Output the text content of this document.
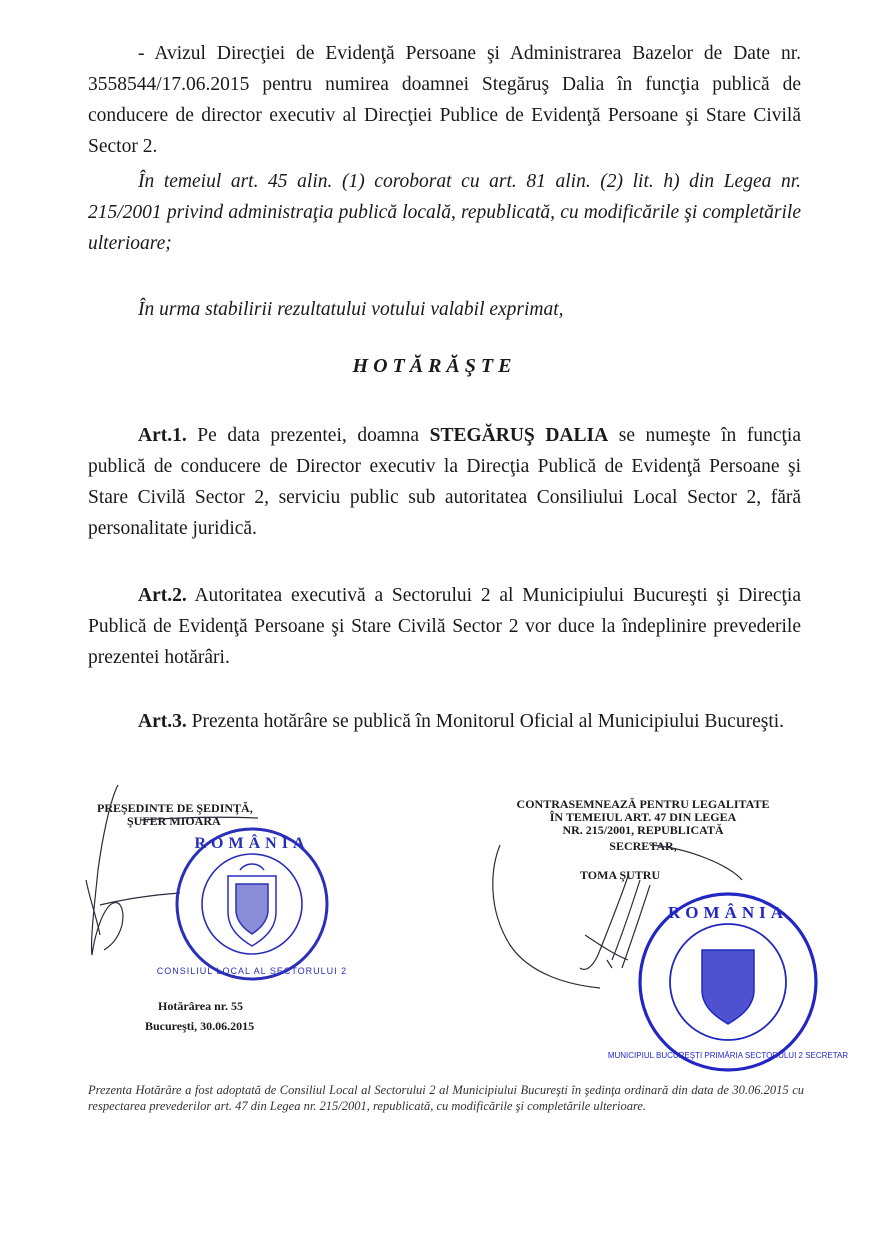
- Avizul Direcţiei de Evidenţă Persoane şi Administrarea Bazelor de Date nr. 3558544/17.06.2015 pentru numirea doamnei Stegăruş Dalia în funcţia publică de conducere de director executiv al Direcţiei Publice de Evidenţă Persoane şi Stare Civilă Sector 2.

În temeiul art. 45 alin. (1) coroborat cu art. 81 alin. (2) lit. h) din Legea nr. 215/2001 privind administraţia publică locală, republicată, cu modificările şi completările ulterioare;

În urma stabilirii rezultatului votului valabil exprimat,

HOTĂRĂŞTE

Art.1. Pe data prezentei, doamna STEGĂRUŞ DALIA se numeşte în funcţia publică de conducere de Director executiv la Direcţia Publică de Evidenţă Persoane şi Stare Civilă Sector 2, serviciu public sub autoritatea Consiliului Local Sector 2, fără personalitate juridică.

Art.2. Autoritatea executivă a Sectorului 2 al Municipiului Bucureşti şi Direcţia Publică de Evidenţă Persoane şi Stare Civilă Sector 2 vor duce la îndeplinire prevederile prezentei hotărâri.

Art.3. Prezenta hotărâre se publică în Monitorul Oficial al Municipiului Bucureşti.

PREŞEDINTE DE ŞEDINŢĂ,
ŞUFER MIOARA
Hotărârea nr. 55
Bucureşti, 30.06.2015
CONTRASEMNEAZĂ PENTRU LEGALITATE
ÎN TEMEIUL ART. 47 DIN LEGEA
NR. 215/2001, REPUBLICATĂ
SECRETAR,
TOMA ŞUTRU
ROMÂNIA
CONSILIUL LOCAL AL SECTORULUI 2
ROMÂNIA
MUNICIPIUL BUCUREŞTI PRIMĂRIA SECTORULUI 2 SECRETAR

Prezenta Hotărâre a fost adoptată de Consiliul Local al Sectorului 2 al Municipiului Bucureşti în şedinţa ordinară din data de 30.06.2015 cu respectarea prevederilor art. 47 din Legea nr. 215/2001, republicată, cu modificările şi completările ulterioare.
